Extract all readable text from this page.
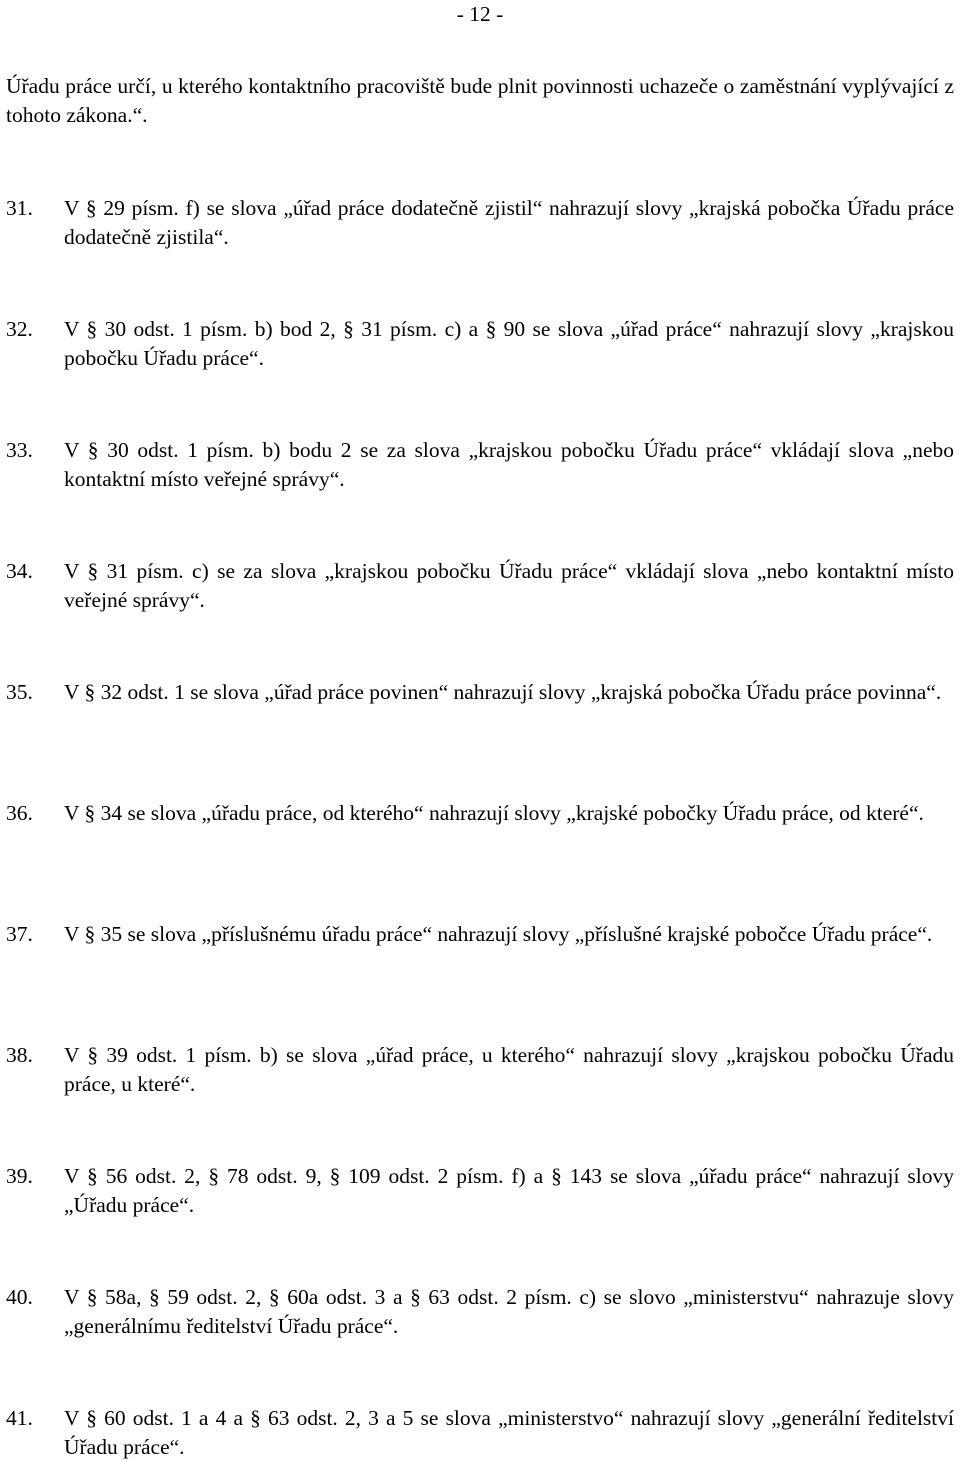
- 12 -
Úřadu práce určí, u kterého kontaktního pracoviště bude plnit povinnosti uchazeče o zaměstnání vyplývající z tohoto zákona.“.
31.	V § 29 písm. f) se slova „úřad práce dodatečně zjistil“ nahrazují slovy „krajská pobočka Úřadu práce dodatečně zjistila“.
32.	V § 30 odst. 1 písm. b) bod 2, § 31 písm. c) a § 90 se slova „úřad práce“ nahrazují slovy „krajskou pobočku Úřadu práce“.
33.	V § 30 odst. 1 písm. b) bodu 2 se za slova „krajskou pobočku Úřadu práce“ vkládají slova „nebo kontaktní místo veřejné správy“.
34.	V § 31 písm. c) se za slova „krajskou pobočku Úřadu práce“ vkládají slova „nebo kontaktní místo veřejné správy“.
35.	V § 32 odst. 1 se slova „úřad práce povinen“ nahrazují slovy „krajská pobočka Úřadu práce povinna“.
36.	V § 34 se slova „úřadu práce, od kterého“ nahrazují slovy „krajské pobočky Úřadu práce, od které“.
37.	V § 35 se slova „příslušnému úřadu práce“ nahrazují slovy „příslušné krajské pobočce Úřadu práce“.
38.	V § 39 odst. 1 písm. b) se slova „úřad práce, u kterého“ nahrazují slovy „krajskou pobočku Úřadu práce, u které“.
39.	V § 56 odst. 2, § 78 odst. 9, § 109 odst. 2 písm. f) a § 143 se slova „úřadu práce“ nahrazují slovy „Úřadu práce“.
40.	V § 58a, § 59 odst. 2, § 60a odst. 3 a § 63 odst. 2 písm. c) se slovo „ministerstvu“ nahrazuje slovy „generálnímu ředitelství Úřadu práce“.
41.	V § 60 odst. 1 a 4 a § 63 odst. 2, 3 a 5 se slova „ministerstvo“ nahrazují slovy „generální ředitelství Úřadu práce“.
